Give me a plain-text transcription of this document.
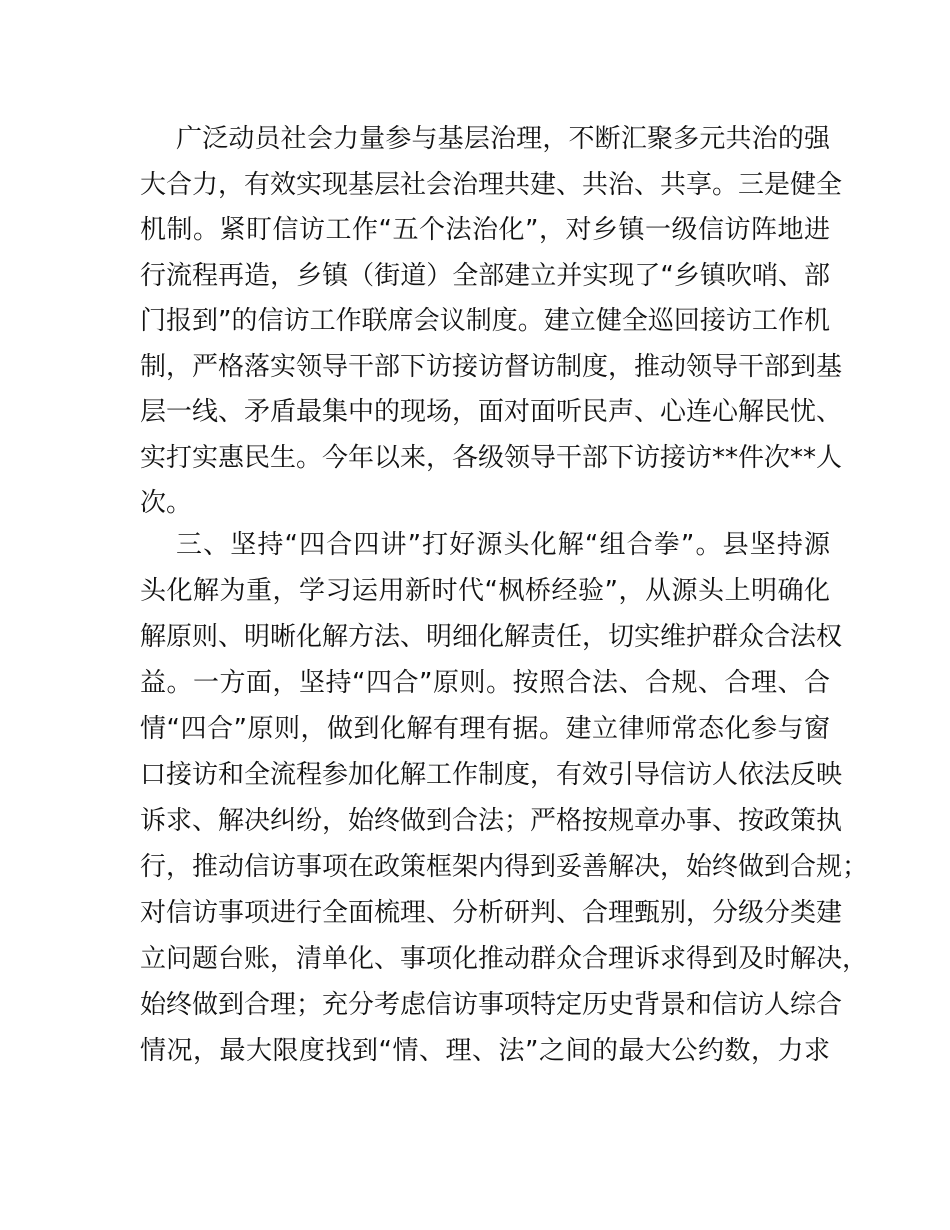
广泛动员社会力量参与基层治理，不断汇聚多元共治的强
大合力，有效实现基层社会治理共建、共治、共享。三是健全
机制。紧盯信访工作“五个法治化”，对乡镇一级信访阵地进
行流程再造，乡镇（街道）全部建立并实现了“乡镇吹哨、部
门报到”的信访工作联席会议制度。建立健全巡回接访工作机
制，严格落实领导干部下访接访督访制度，推动领导干部到基
层一线、矛盾最集中的现场，面对面听民声、心连心解民忧、
实打实惠民生。今年以来，各级领导干部下访接访**件次**人
次。
三、坚持“四合四讲”打好源头化解“组合拳”。县坚持源
头化解为重，学习运用新时代“枫桥经验”，从源头上明确化
解原则、明晰化解方法、明细化解责任，切实维护群众合法权
益。一方面，坚持“四合”原则。按照合法、合规、合理、合
情“四合”原则，做到化解有理有据。建立律师常态化参与窗
口接访和全流程参加化解工作制度，有效引导信访人依法反映
诉求、解决纠纷，始终做到合法；严格按规章办事、按政策执
行，推动信访事项在政策框架内得到妥善解决，始终做到合规；
对信访事项进行全面梳理、分析研判、合理甄别，分级分类建
立问题台账，清单化、事项化推动群众合理诉求得到及时解决，
始终做到合理；充分考虑信访事项特定历史背景和信访人综合
情况，最大限度找到“情、理、法”之间的最大公约数，力求
